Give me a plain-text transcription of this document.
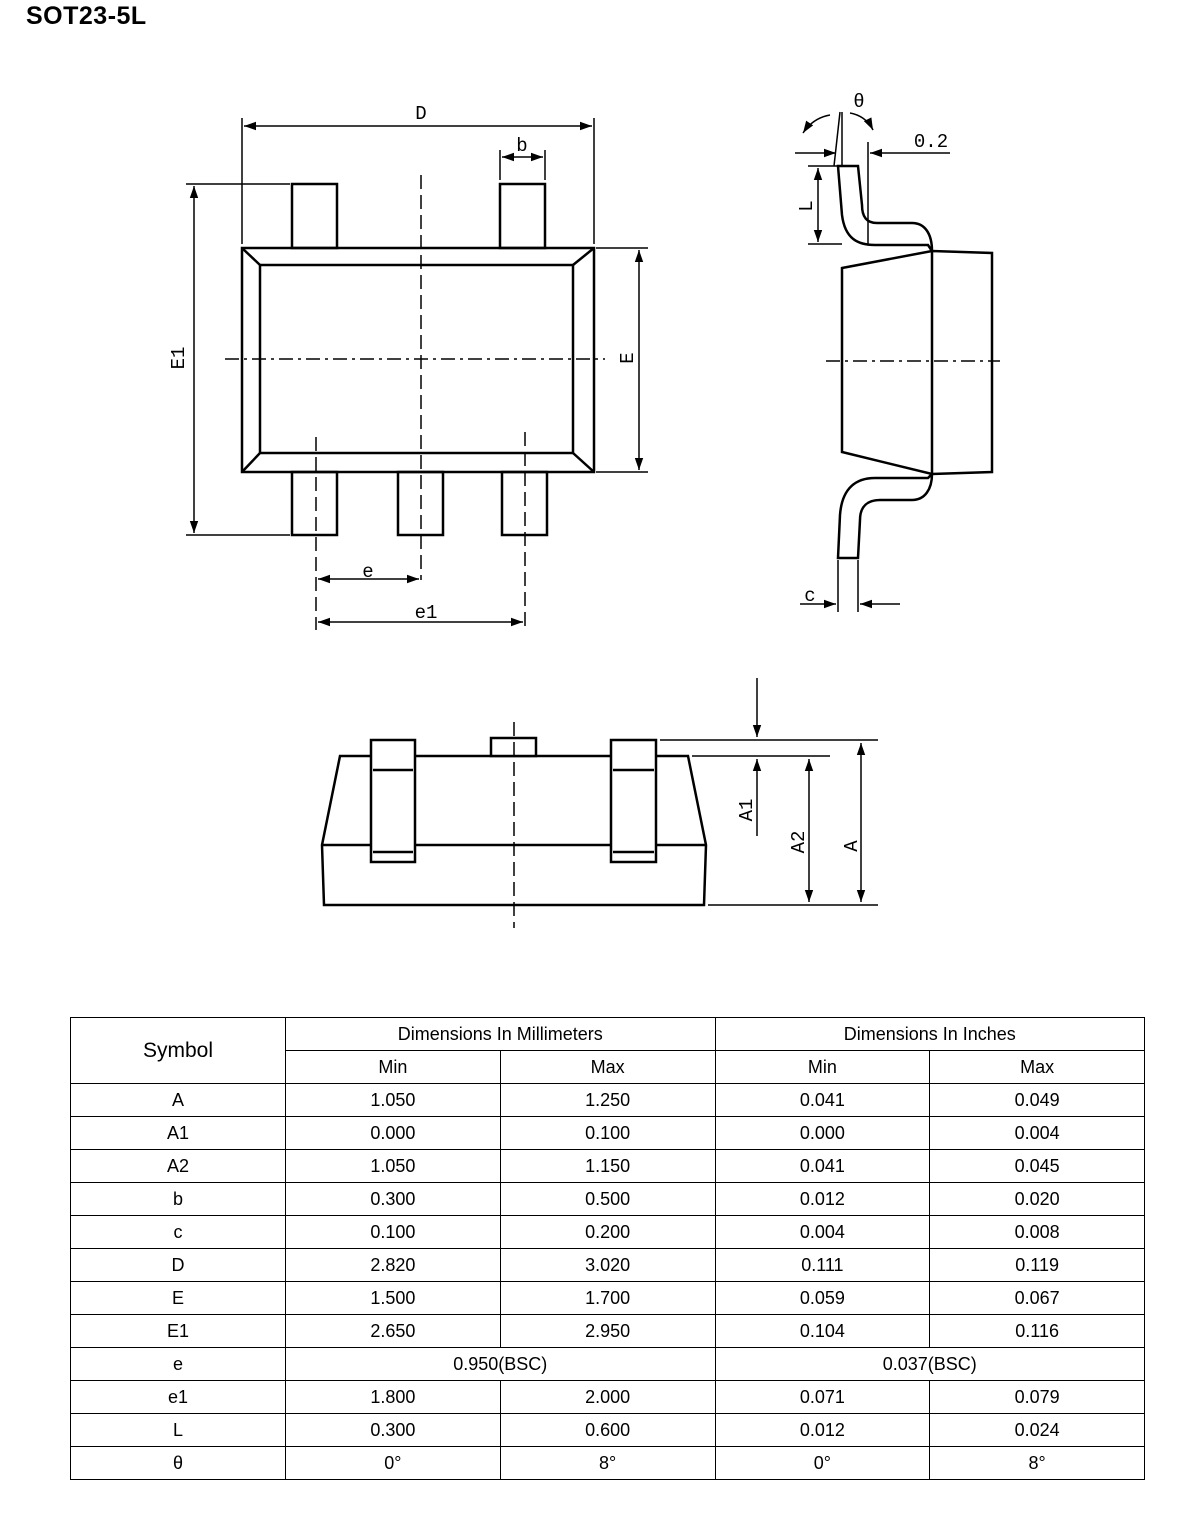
SOT23-5L
D
b
E1	E
e
e1
θ
0.2
L
c
A1
A2 A
Symbol	Dimensions In Millimeters		Dimensions In Inches	
	Min	Max	Min	Max
A	1.050	1.250	0.041	0.049
A1	0.000	0.100	0.000	0.004
A2	1.050	1.150	0.041	0.045
b	0.300	0.500	0.012	0.020
c	0.100	0.200	0.004	0.008
D	2.820	3.020	0.111	0.119
E	1.500	1.700	0.059	0.067
E1	2.650	2.950	0.104	0.116
e	0.950(BSC)		0.037(BSC)	
e1	1.800	2.000	0.071	0.079
L	0.300	0.600	0.012	0.024
θ	0°	8°	0°	8°
